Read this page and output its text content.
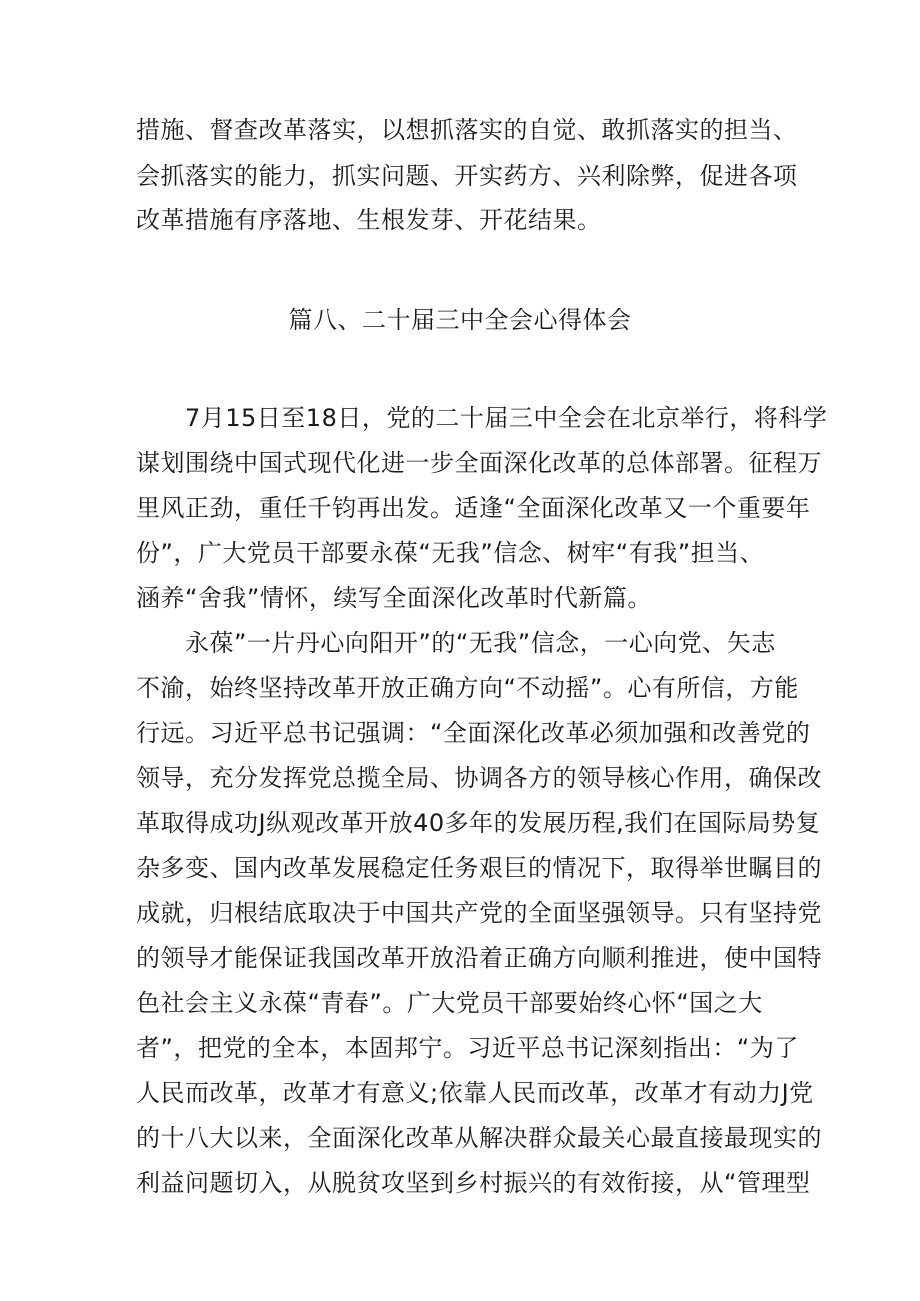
措施、督查改革落实，以想抓落实的自觉、敢抓落实的担当、
会抓落实的能力，抓实问题、开实药方、兴利除弊，促进各项
改革措施有序落地、生根发芽、开花结果。
篇八、二十届三中全会心得体会
7月15日至18日，党的二十届三中全会在北京举行，将科学
谋划围绕中国式现代化进一步全面深化改革的总体部署。征程万
里风正劲，重任千钧再出发。适逢“全面深化改革又一个重要年
份”，广大党员干部要永葆“无我”信念、树牢“有我”担当、
涵养“舍我”情怀，续写全面深化改革时代新篇。
永葆”一片丹心向阳开”的“无我”信念，一心向党、矢志
不渝，始终坚持改革开放正确方向“不动摇”。心有所信，方能
行远。习近平总书记强调：“全面深化改革必须加强和改善党的
领导，充分发挥党总揽全局、协调各方的领导核心作用，确保改
革取得成功J纵观改革开放40多年的发展历程,我们在国际局势复
杂多变、国内改革发展稳定任务艰巨的情况下，取得举世瞩目的
成就，归根结底取决于中国共产党的全面坚强领导。只有坚持党
的领导才能保证我国改革开放沿着正确方向顺利推进，使中国特
色社会主义永葆“青春”。广大党员干部要始终心怀“国之大
者”，把党的全本，本固邦宁。习近平总书记深刻指出：“为了
人民而改革，改革才有意义;依靠人民而改革，改革才有动力J党
的十八大以来，全面深化改革从解决群众最关心最直接最现实的
利益问题切入，从脱贫攻坚到乡村振兴的有效衔接，从“管理型
